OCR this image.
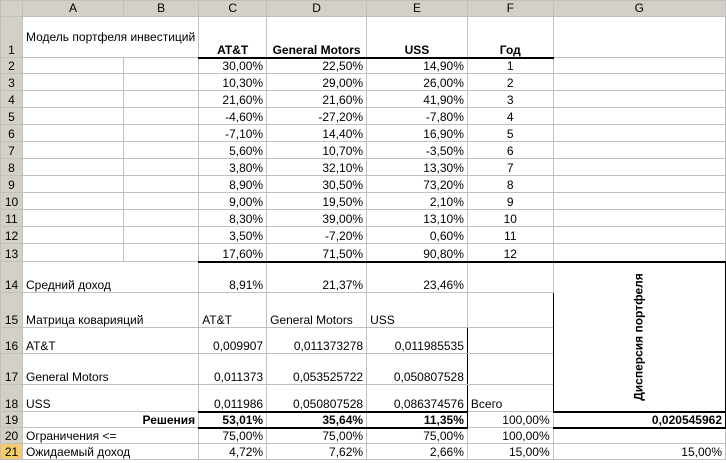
	A	B	C	D	E	F	G
1	Модель портфеля инвестиций		AT&T	General Motors	USS	Год	
2			30,00%	22,50%	14,90%	1	
3			10,30%	29,00%	26,00%	2	
4			21,60%	21,60%	41,90%	3	
5			-4,60%	-27,20%	-7,80%	4	
6			-7,10%	14,40%	16,90%	5	
7			5,60%	10,70%	-3,50%	6	
8			3,80%	32,10%	13,30%	7	
9			8,90%	30,50%	73,20%	8	
10			9,00%	19,50%	2,10%	9	
11			8,30%	39,00%	13,10%	10	
12			3,50%	-7,20%	0,60%	11	
13			17,60%	71,50%	90,80%	12	
14	Средний доход		8,91%	21,37%	23,46%		Дисперсия портфеля

15	Матрица коварияций		AT&T	General Motors	USS		
16	AT&T		0,009907	0,011373278	0,011985535		
17	General Motors		0,011373	0,053525722	0,050807528		
18	USS		0,011986	0,050807528	0,086374576	Всего	
19	Решения		53,01%	35,64%	11,35%	100,00%	0,020545962
20	Ограничения <=		75,00%	75,00%	75,00%	100,00%	
21	Ожидаемый доход		4,72%	7,62%	2,66%	15,00%	15,00%
